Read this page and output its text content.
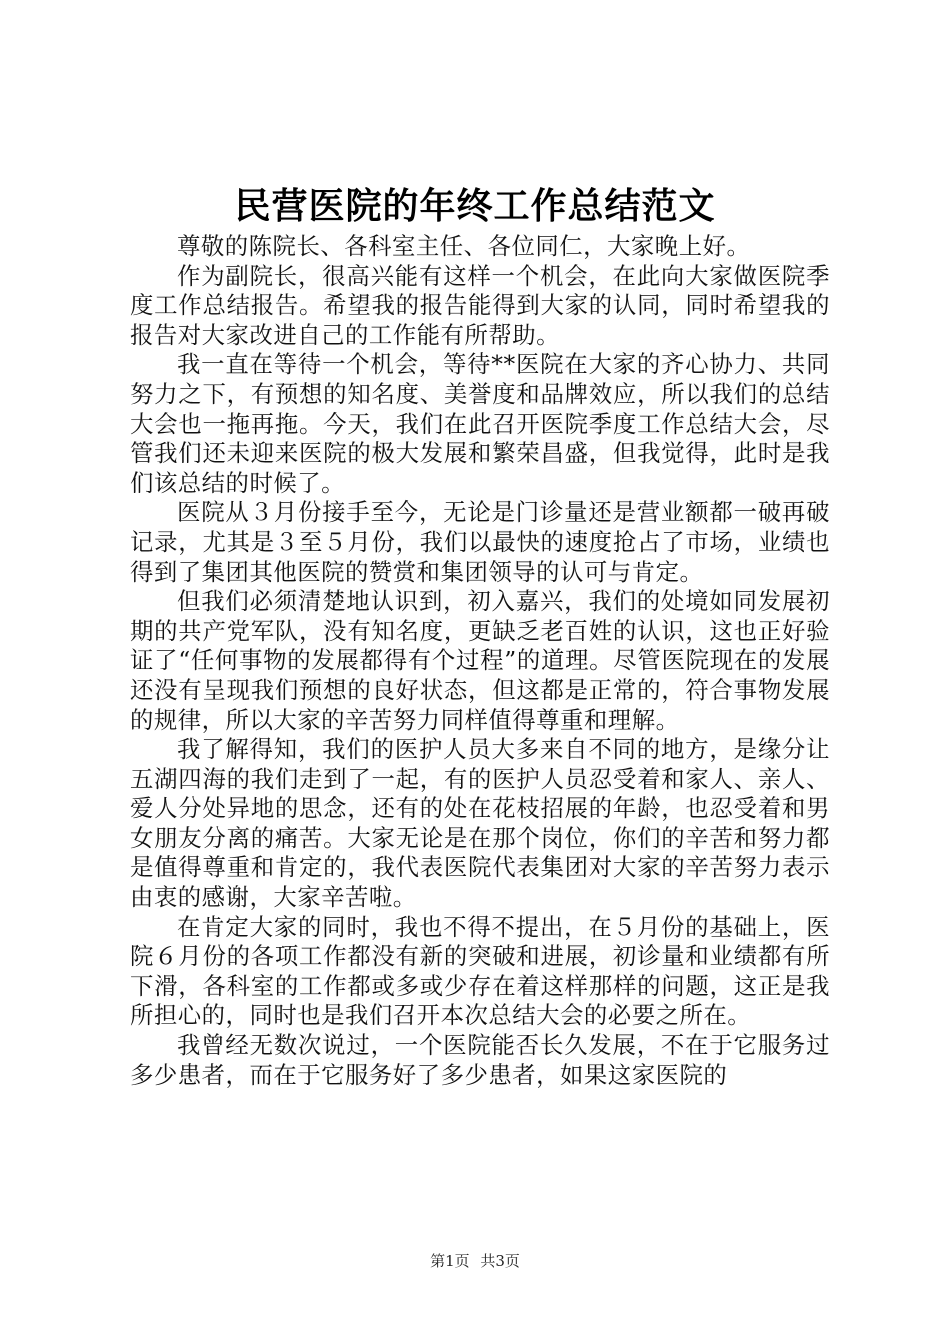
民营医院的年终工作总结范文

尊敬的陈院长、各科室主任、各位同仁，大家晚上好。

作为副院长，很高兴能有这样一个机会，在此向大家做医院季度工作总结报告。希望我的报告能得到大家的认同，同时希望我的报告对大家改进自己的工作能有所帮助。

我一直在等待一个机会，等待**医院在大家的齐心协力、共同努力之下，有预想的知名度、美誉度和品牌效应，所以我们的总结大会也一拖再拖。今天，我们在此召开医院季度工作总结大会，尽管我们还未迎来医院的极大发展和繁荣昌盛，但我觉得，此时是我们该总结的时候了。

医院从３月份接手至今，无论是门诊量还是营业额都一破再破记录，尤其是３至５月份，我们以最快的速度抢占了市场，业绩也得到了集团其他医院的赞赏和集团领导的认可与肯定。

但我们必须清楚地认识到，初入嘉兴，我们的处境如同发展初期的共产党军队，没有知名度，更缺乏老百姓的认识，这也正好验证了“任何事物的发展都得有个过程”的道理。尽管医院现在的发展还没有呈现我们预想的良好状态，但这都是正常的，符合事物发展的规律，所以大家的辛苦努力同样值得尊重和理解。

我了解得知，我们的医护人员大多来自不同的地方，是缘分让五湖四海的我们走到了一起，有的医护人员忍受着和家人、亲人、爱人分处异地的思念，还有的处在花枝招展的年龄，也忍受着和男女朋友分离的痛苦。大家无论是在那个岗位，你们的辛苦和努力都是值得尊重和肯定的，我代表医院代表集团对大家的辛苦努力表示由衷的感谢，大家辛苦啦。

在肯定大家的同时，我也不得不提出，在５月份的基础上，医院６月份的各项工作都没有新的突破和进展，初诊量和业绩都有所下滑，各科室的工作都或多或少存在着这样那样的问题，这正是我所担心的，同时也是我们召开本次总结大会的必要之所在。

我曾经无数次说过，一个医院能否长久发展，不在于它服务过多少患者，而在于它服务好了多少患者，如果这家医院的

第1页 共3页
